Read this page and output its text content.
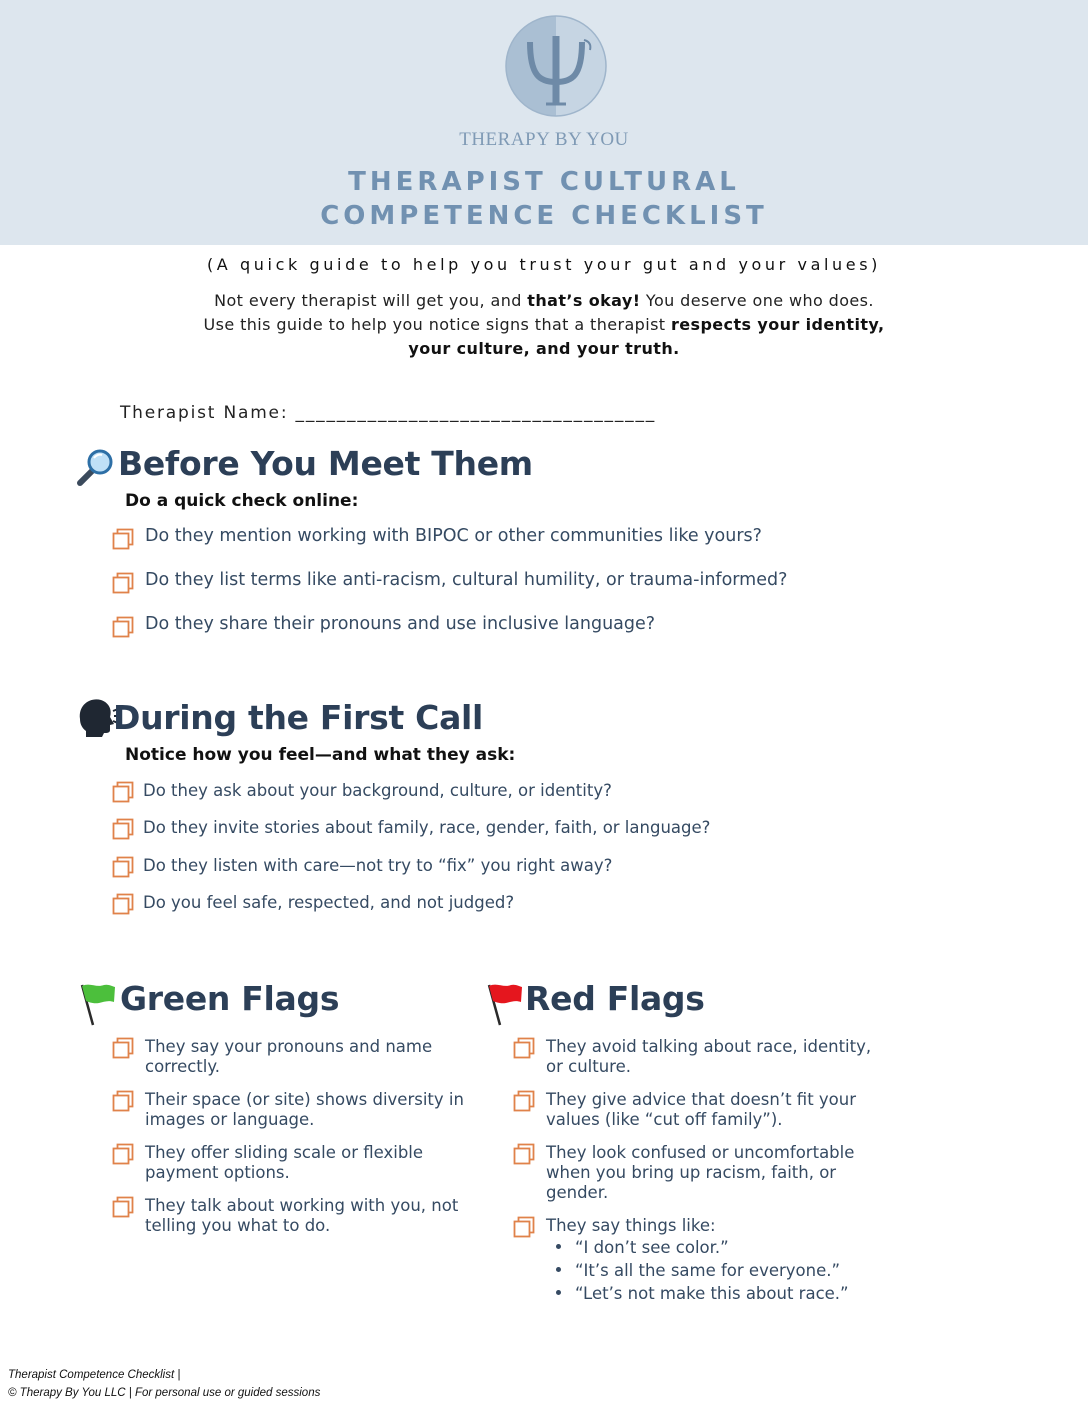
THERAPY BY YOU
THERAPIST CULTURAL
COMPETENCE CHECKLIST
(A quick guide to help you trust your gut and your values)
Not every therapist will get you, and that’s okay! You deserve one who does. Use this guide to help you notice signs that a therapist respects your identity, your culture, and your truth.
Therapist Name: ___________________________________
Before You Meet Them
Do a quick check online:
Do they mention working with BIPOC or other communities like yours?
Do they list terms like anti-racism, cultural humility, or trauma-informed?
Do they share their pronouns and use inclusive language?
During the First Call
Notice how you feel—and what they ask:
Do they ask about your background, culture, or identity?
Do they invite stories about family, race, gender, faith, or language?
Do they listen with care—not try to “fix” you right away?
Do you feel safe, respected, and not judged?
Green Flags
They say your pronouns and name correctly.
Their space (or site) shows diversity in images or language.
They offer sliding scale or flexible payment options.
They talk about working with you, not telling you what to do.
Red Flags
They avoid talking about race, identity, or culture.
They give advice that doesn’t fit your values (like “cut off family”).
They look confused or uncomfortable when you bring up racism, faith, or gender.
They say things like:
“I don’t see color.”
“It’s all the same for everyone.”
“Let’s not make this about race.”
Therapist Competence Checklist |
© Therapy By You LLC | For personal use or guided sessions
